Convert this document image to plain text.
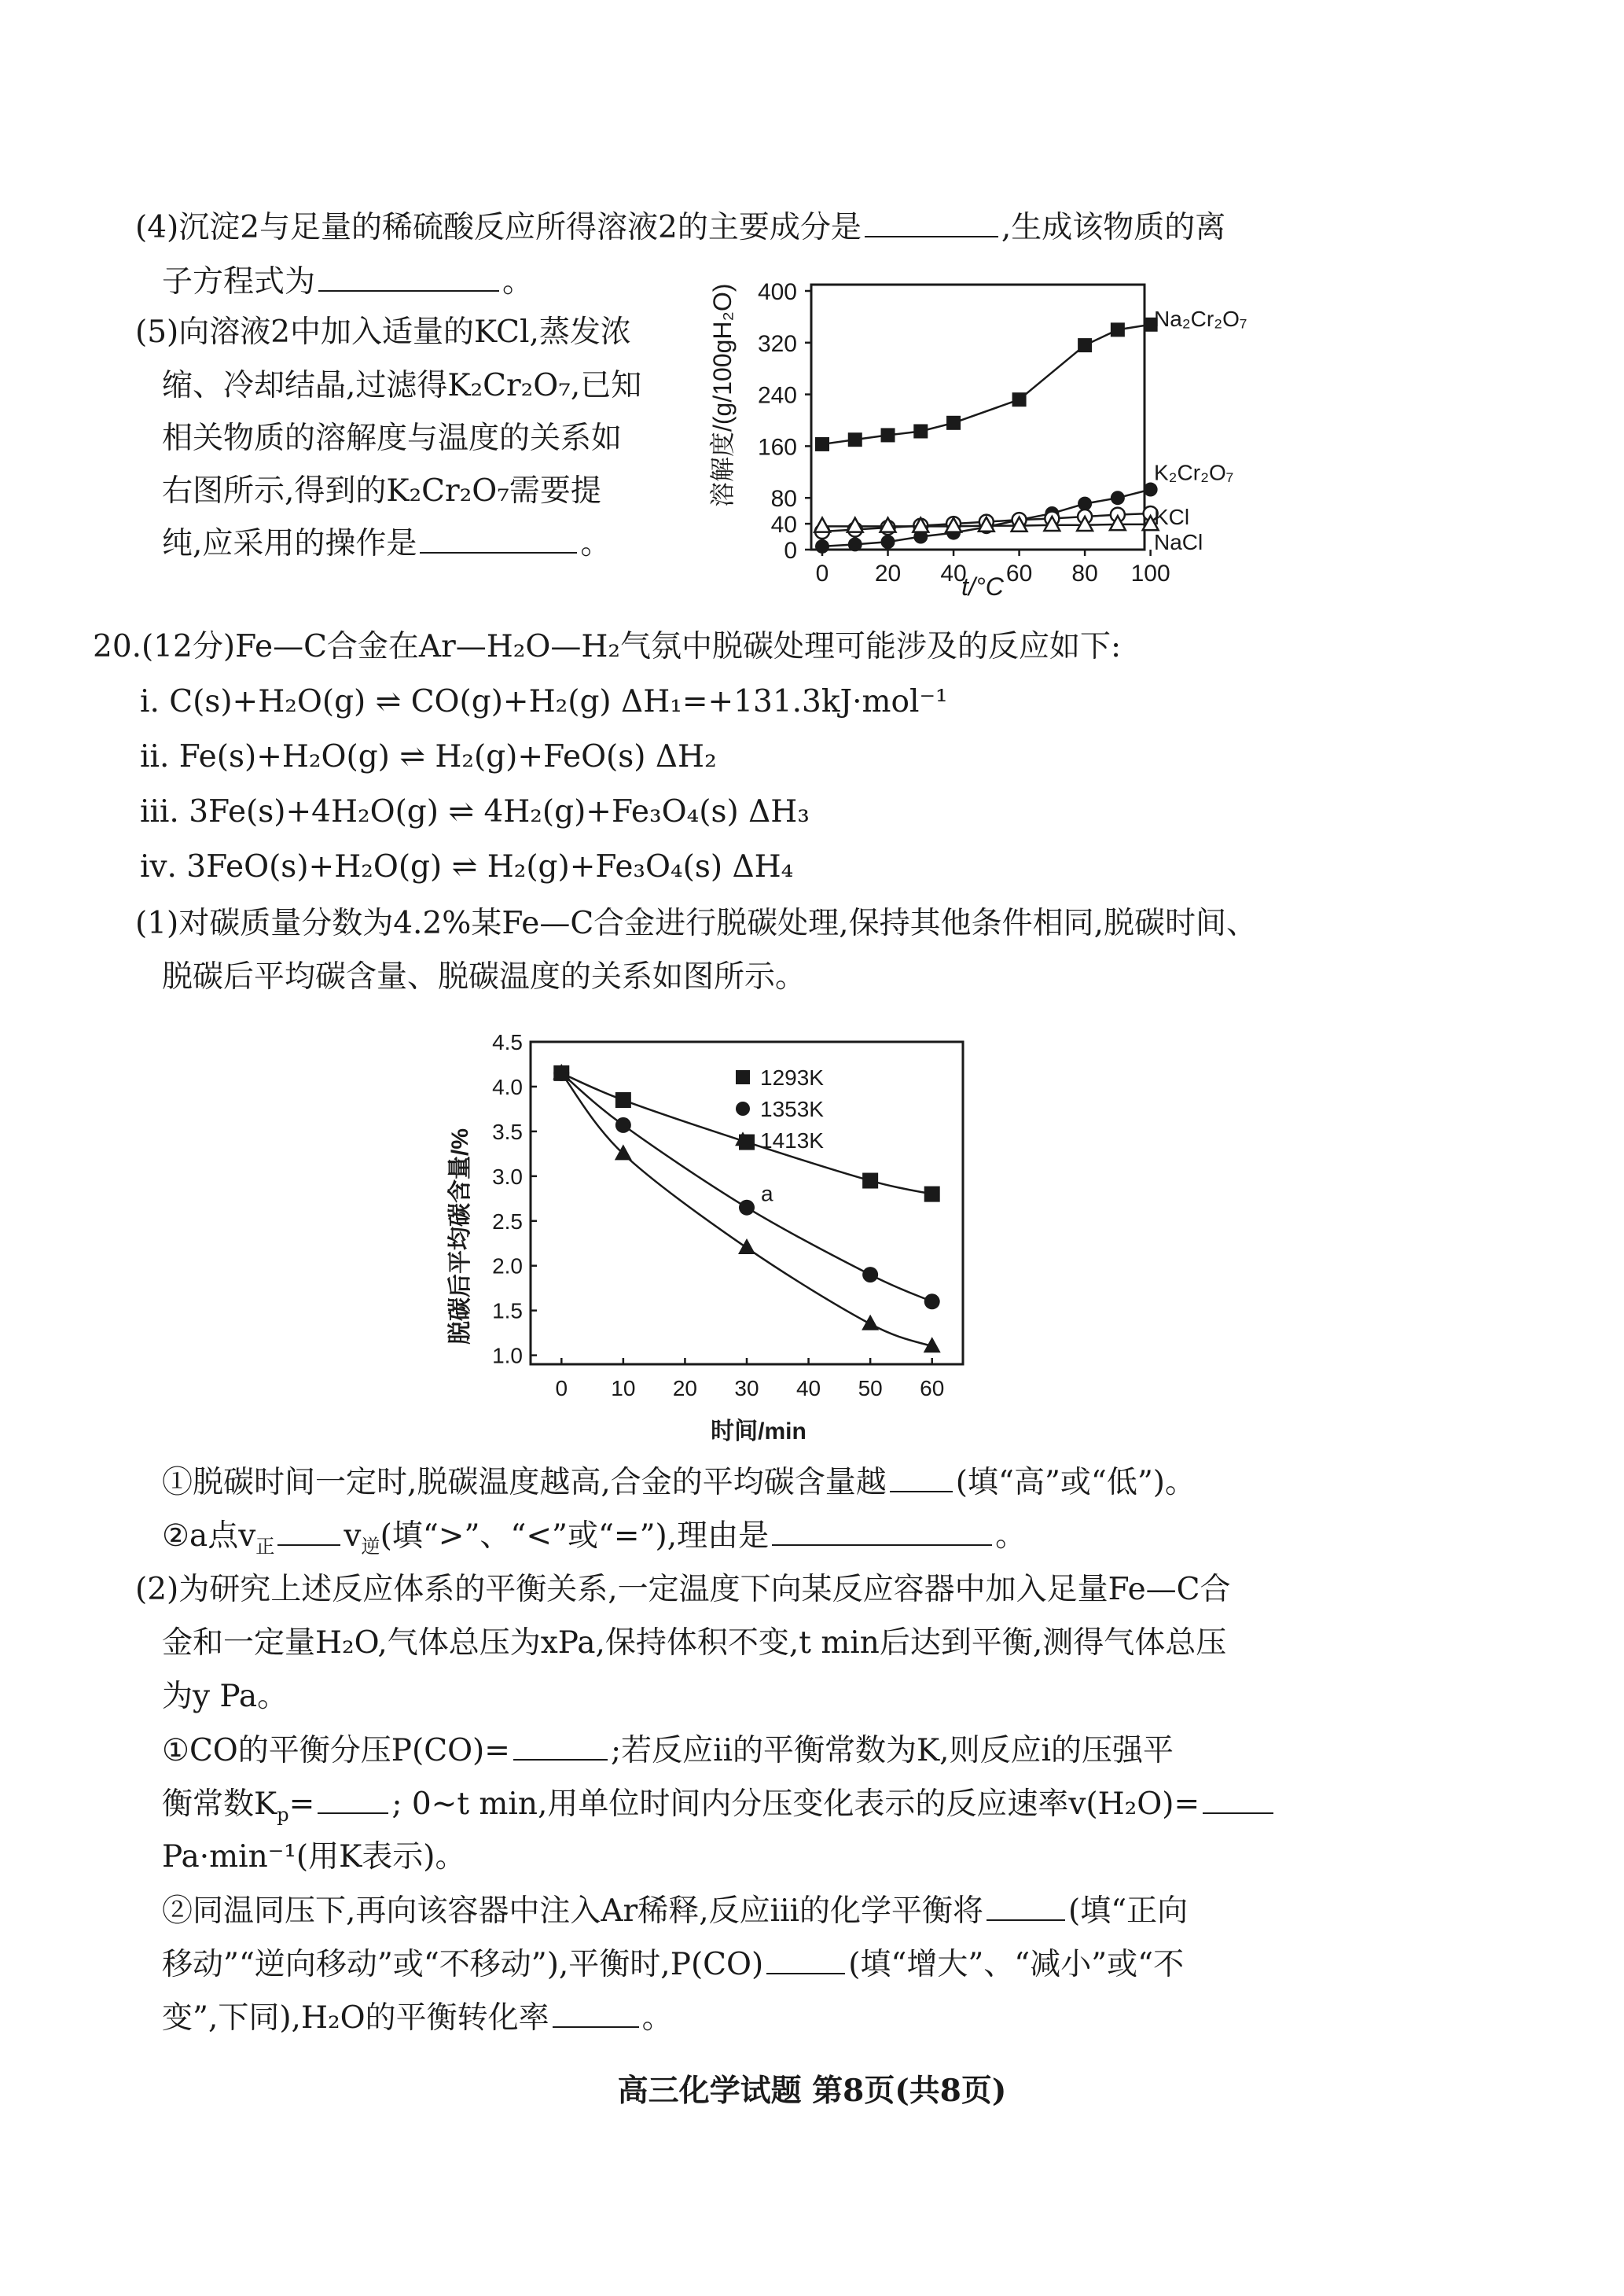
(4)沉淀2与足量的稀硫酸反应所得溶液2的主要成分是	,生成该物质的离
子方程式为	。
(5)向溶液2中加入适量的KCl,蒸发浓
缩、冷却结晶,过滤得K₂Cr₂O₇,已知
相关物质的溶解度与温度的关系如
右图所示,得到的K₂Cr₂O₇需要提
纯,应采用的操作是	。	0
40
80
160
240
320
400
0 20 40 60 80 100
Na₂Cr₂O₇
K₂Cr₂O₇
KCl
NaCl
溶解度/(g/100gH₂O)
t/°C
20.(12分)Fe—C合金在Ar—H₂O—H₂气氛中脱碳处理可能涉及的反应如下:
ⅰ. C(s)+H₂O(g) ⇌ CO(g)+H₂(g) ΔH₁=+131.3kJ·mol⁻¹
ⅱ. Fe(s)+H₂O(g) ⇌ H₂(g)+FeO(s) ΔH₂
ⅲ. 3Fe(s)+4H₂O(g) ⇌ 4H₂(g)+Fe₃O₄(s) ΔH₃
ⅳ. 3FeO(s)+H₂O(g) ⇌ H₂(g)+Fe₃O₄(s) ΔH₄
(1)对碳质量分数为4.2%某Fe—C合金进行脱碳处理,保持其他条件相同,脱碳时间、
脱碳后平均碳含量、脱碳温度的关系如图所示。
1.0
1.5
2.0
2.5
3.0
3.5
4.0
4.5
0 10 20 30 40 50 60
1293K
1353K
1413K
脱碳后平均碳含量/%
时间/min
a
①脱碳时间一定时,脱碳温度越高,合金的平均碳含量越 (填“高”或“低”)。
②a点$v_正$ $v_逆$(填“>”、“<”或“=”),理由是	。
(2)为研究上述反应体系的平衡关系,一定温度下向某反应容器中加入足量Fe—C合
金和一定量H₂O,气体总压为xPa,保持体积不变,t min后达到平衡,测得气体总压
为y Pa。
①CO的平衡分压P(CO)=	;若反应ⅱ的平衡常数为K,则反应ⅰ的压强平
衡常数$K_p=$	; 0~t min,用单位时间内分压变化表示的反应速率v(H₂O)=
Pa·min⁻¹(用K表示)。
②同温同压下,再向该容器中注入Ar稀释,反应ⅲ的化学平衡将	(填“正向
移动”“逆向移动”或“不移动”),平衡时,P(CO)	(填“增大”、“减小”或“不
变”,下同),H₂O的平衡转化率	。
高三化学试题 第8页(共8页)
